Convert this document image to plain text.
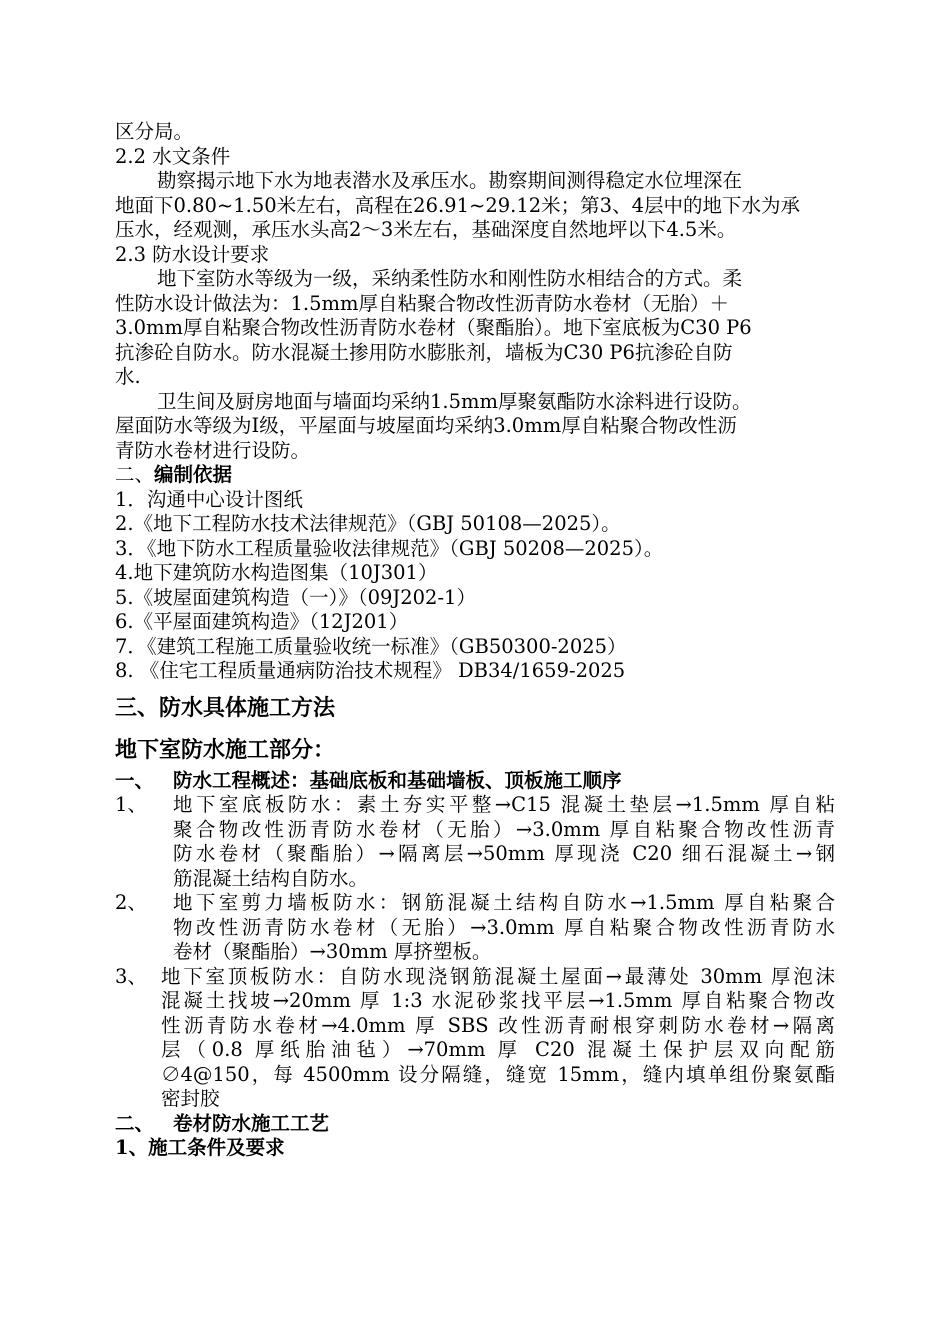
区分局。
2.2 水文条件
勘察揭示地下水为地表潜水及承压水。勘察期间测得稳定水位埋深在
地面下0.80~1.50米左右，高程在26.91~29.12米；第3、4层中的地下水为承
压水，经观测，承压水头高2～3米左右，基础深度自然地坪以下4.5米。
2.3 防水设计要求
地下室防水等级为一级，采纳柔性防水和刚性防水相结合的方式。柔
性防水设计做法为：1.5mm厚自粘聚合物改性沥青防水卷材（无胎）＋
3.0mm厚自粘聚合物改性沥青防水卷材（聚酯胎）。地下室底板为C30 P6
抗渗砼自防水。防水混凝土掺用防水膨胀剂，墙板为C30 P6抗渗砼自防
水.
卫生间及厨房地面与墙面均采纳1.5mm厚聚氨酯防水涂料进行设防。
屋面防水等级为Ⅰ级，平屋面与坡屋面均采纳3.0mm厚自粘聚合物改性沥
青防水卷材进行设防。
二、编制依据
1．沟通中心设计图纸
2.《地下工程防水技术法律规范》（GBJ 50108—2025）。
3．《地下防水工程质量验收法律规范》（GBJ 50208—2025）。
4.地下建筑防水构造图集（10J301）
5.《坡屋面建筑构造（一）》（09J202-1）
6.《平屋面建筑构造》（12J201）
7．《建筑工程施工质量验收统一标准》（GB50300-2025）
8. 《住宅工程质量通病防治技术规程》 DB34/1659-2025
三、防水具体施工方法
地下室防水施工部分：
一、 防水工程概述：基础底板和基础墙板、顶板施工顺序
1、	地下室底板防水：素土夯实平整→C15 混凝土垫层→1.5mm 厚自粘
聚合物改性沥青防水卷材（无胎）→3.0mm 厚自粘聚合物改性沥青
防水卷材（聚酯胎）→隔离层→50mm 厚现浇 C20 细石混凝土→钢
筋混凝土结构自防水。
2、	地下室剪力墙板防水：钢筋混凝土结构自防水→1.5mm 厚自粘聚合
物改性沥青防水卷材（无胎）→3.0mm 厚自粘聚合物改性沥青防水
卷材（聚酯胎）→30mm 厚挤塑板。
3、 地下室顶板防水：自防水现浇钢筋混凝土屋面→最薄处 30mm 厚泡沫
混凝土找坡→20mm 厚 1:3 水泥砂浆找平层→1.5mm 厚自粘聚合物改
性沥青防水卷材→4.0mm 厚 SBS 改性沥青耐根穿刺防水卷材→隔离
层（0.8 厚纸胎油毡）→70mm 厚 C20 混凝土保护层双向配筋
∅4@150，每 4500mm 设分隔缝，缝宽 15mm，缝内填单组份聚氨酯
密封胶
二、 卷材防水施工工艺
1、施工条件及要求
